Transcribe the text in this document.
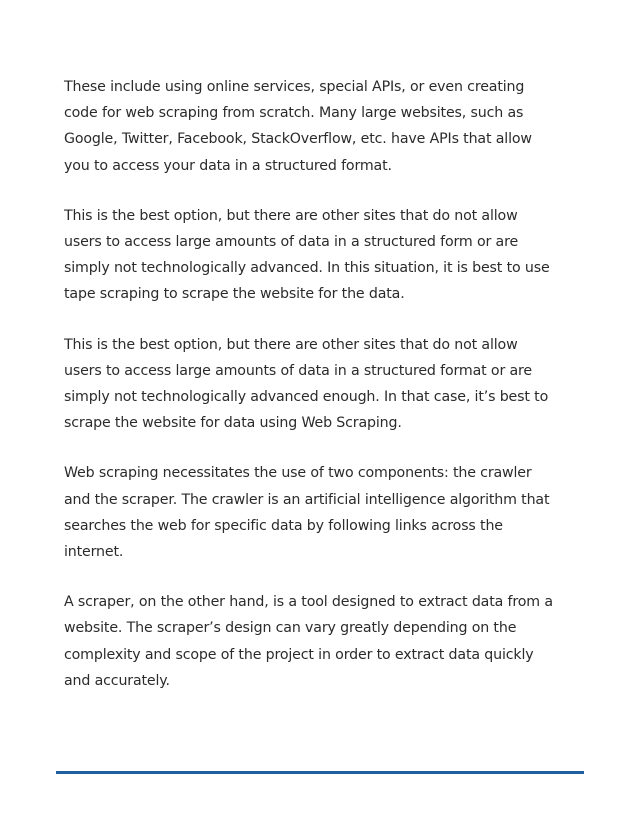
These include using online services, special APIs, or even creating
code for web scraping from scratch. Many large websites, such as
Google, Twitter, Facebook, StackOverflow, etc. have APIs that allow
you to access your data in a structured format.
This is the best option, but there are other sites that do not allow
users to access large amounts of data in a structured form or are
simply not technologically advanced. In this situation, it is best to use
tape scraping to scrape the website for the data.
This is the best option, but there are other sites that do not allow
users to access large amounts of data in a structured format or are
simply not technologically advanced enough. In that case, it’s best to
scrape the website for data using Web Scraping.
Web scraping necessitates the use of two components: the crawler
and the scraper. The crawler is an artificial intelligence algorithm that
searches the web for specific data by following links across the
internet.
A scraper, on the other hand, is a tool designed to extract data from a
website. The scraper’s design can vary greatly depending on the
complexity and scope of the project in order to extract data quickly
and accurately.
